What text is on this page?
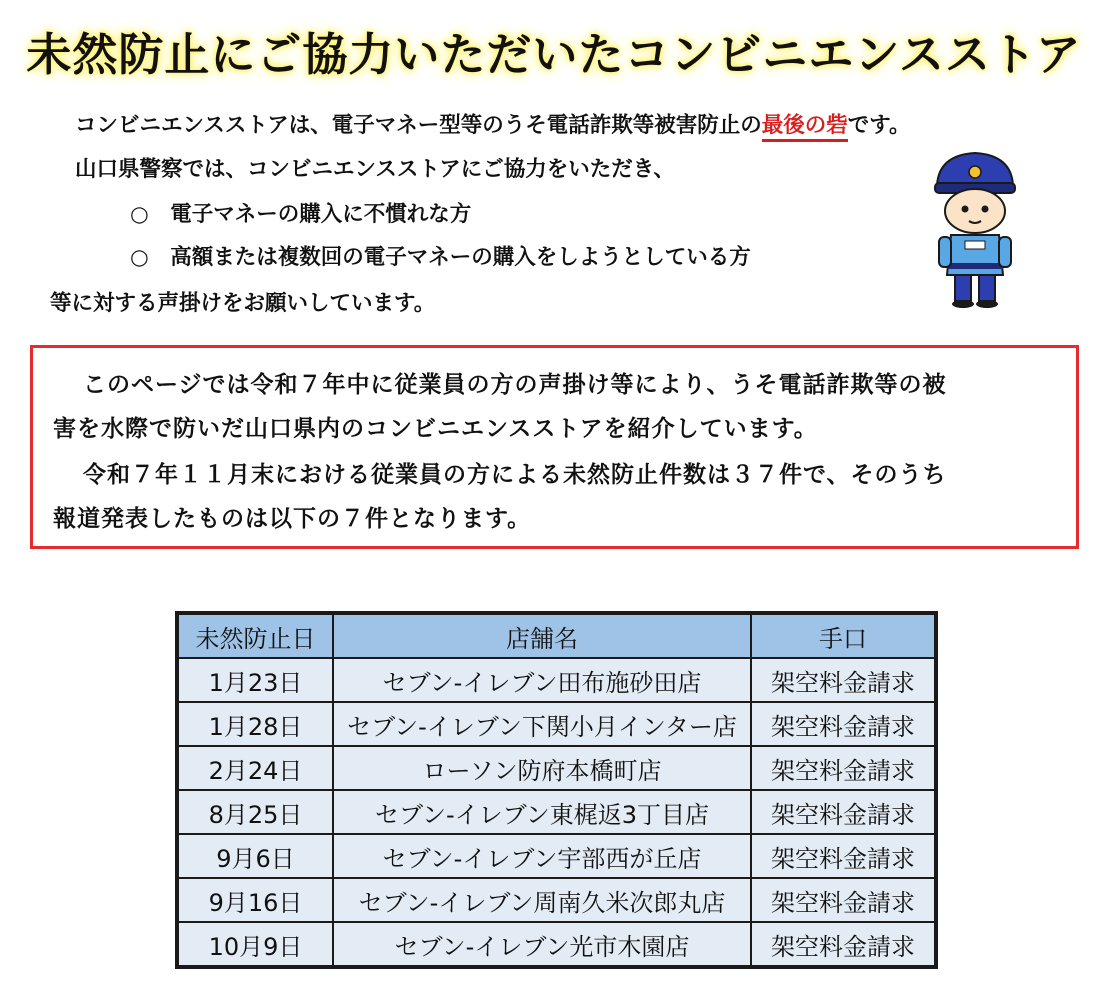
未然防止にご協力いただいたコンビニエンスストア

コンビニエンスストアは、電子マネー型等のうそ電話詐欺等被害防止の最後の砦です。

山口県警察では、コンビニエンスストアにご協力をいただき、

○　電子マネーの購入に不慣れな方

○　高額または複数回の電子マネーの購入をしようとしている方

等に対する声掛けをお願いしています。

このページでは令和７年中に従業員の方の声掛け等により、うそ電話詐欺等の被

害を水際で防いだ山口県内のコンビニエンスストアを紹介しています。

令和７年１１月末における従業員の方による未然防止件数は３７件で、そのうち

報道発表したものは以下の７件となります。

未然防止日	店舗名	手口
1月23日	セブン-イレブン田布施砂田店	架空料金請求
1月28日	セブン-イレブン下関小月インター店	架空料金請求
2月24日	ローソン防府本橋町店	架空料金請求
8月25日	セブン-イレブン東梶返3丁目店	架空料金請求
9月6日	セブン-イレブン宇部西が丘店	架空料金請求
9月16日	セブン-イレブン周南久米次郎丸店	架空料金請求
10月9日	セブン-イレブン光市木園店	架空料金請求
